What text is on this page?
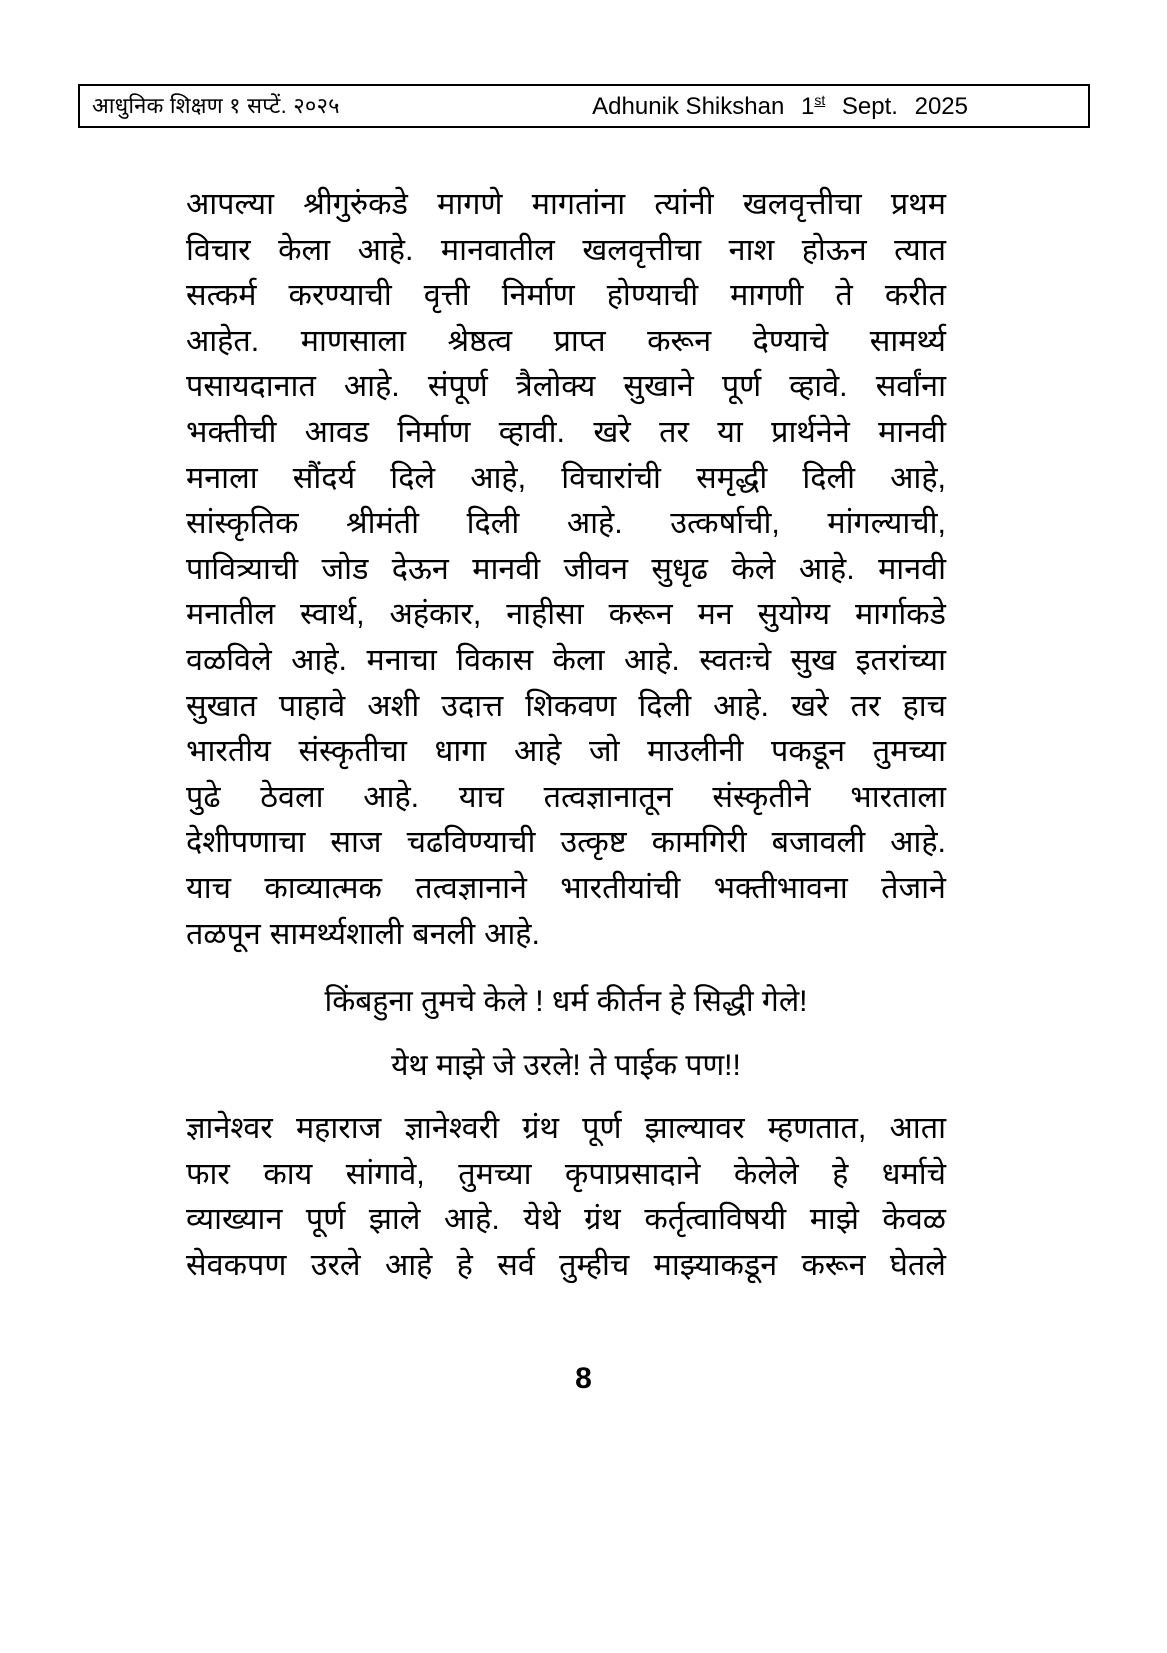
आधुनिक शिक्षण १ सप्टें. २०२५	Adhunik Shikshan 1st Sept. 2025

आपल्या श्रीगुरुंकडे मागणे मागतांना त्यांनी खलवृत्तीचा प्रथम
विचार केला आहे. मानवातील खलवृत्तीचा नाश होऊन त्यात
सत्कर्म करण्याची वृत्ती निर्माण होण्याची मागणी ते करीत
आहेत. माणसाला श्रेष्ठत्व प्राप्त करून देण्याचे सामर्थ्य
पसायदानात आहे. संपूर्ण त्रैलोक्य सुखाने पूर्ण व्हावे. सर्वांना
भक्तीची आवड निर्माण व्हावी. खरे तर या प्रार्थनेने मानवी
मनाला सौंदर्य दिले आहे, विचारांची समृद्धी दिली आहे,
सांस्कृतिक श्रीमंती दिली आहे. उत्कर्षाची, मांगल्याची,
पावित्र्याची जोड देऊन मानवी जीवन सुधृढ केले आहे. मानवी
मनातील स्वार्थ, अहंकार, नाहीसा करून मन सुयोग्य मार्गाकडे
वळविले आहे. मनाचा विकास केला आहे. स्वतःचे सुख इतरांच्या
सुखात पाहावे अशी उदात्त शिकवण दिली आहे. खरे तर हाच
भारतीय संस्कृतीचा धागा आहे जो माउलीनी पकडून तुमच्या
पुढे ठेवला आहे. याच तत्वज्ञानातून संस्कृतीने भारताला
देशीपणाचा साज चढविण्याची उत्कृष्ट कामगिरी बजावली आहे.
याच काव्यात्मक तत्वज्ञानाने भारतीयांची भक्तीभावना तेजाने
तळपून सामर्थ्यशाली बनली आहे.

किंबहुना तुमचे केले ! धर्म कीर्तन हे सिद्धी गेले!

येथ माझे जे उरले! ते पाईक पण!!

ज्ञानेश्वर महाराज ज्ञानेश्वरी ग्रंथ पूर्ण झाल्यावर म्हणतात, आता
फार काय सांगावे, तुमच्या कृपाप्रसादाने केलेले हे धर्माचे
व्याख्यान पूर्ण झाले आहे. येथे ग्रंथ कर्तृत्वाविषयी माझे केवळ
सेवकपण उरले आहे हे सर्व तुम्हीच माझ्याकडून करून घेतले

8
